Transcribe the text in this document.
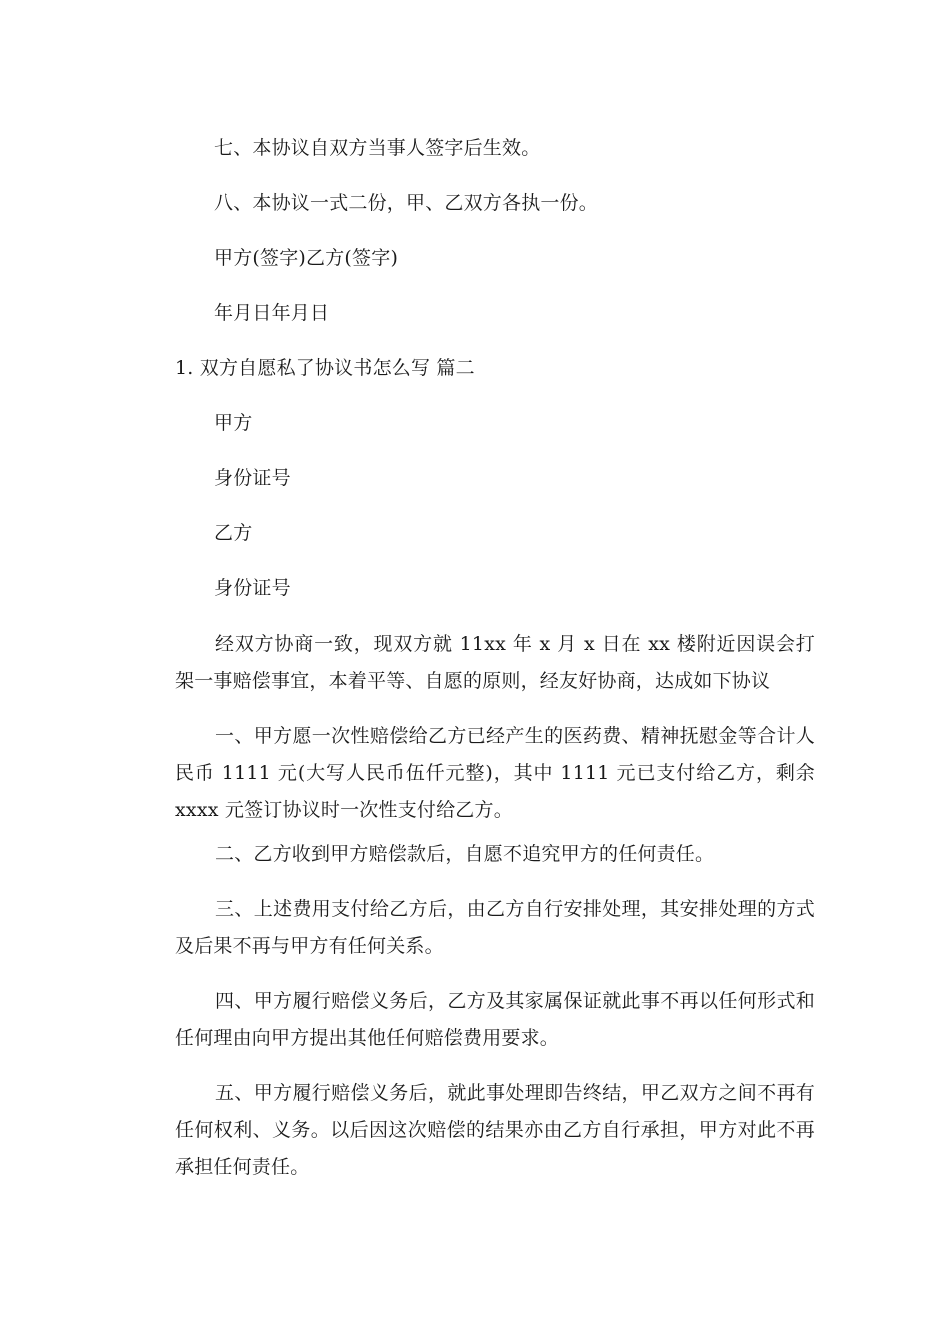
七、本协议自双方当事人签字后生效。
八、本协议一式二份，甲、乙双方各执一份。
甲方(签字)乙方(签字)
年月日年月日
1. 双方自愿私了协议书怎么写 篇二
甲方
身份证号
乙方
身份证号
经双方协商一致，现双方就 11xx 年 x 月 x 日在 xx 楼附近因误会打架一事赔偿事宜，本着平等、自愿的原则，经友好协商，达成如下协议
一、甲方愿一次性赔偿给乙方已经产生的医药费、精神抚慰金等合计人民币 1111 元(大写人民币伍仟元整)，其中 1111 元已支付给乙方，剩余 xxxx 元签订协议时一次性支付给乙方。
二、乙方收到甲方赔偿款后，自愿不追究甲方的任何责任。
三、上述费用支付给乙方后，由乙方自行安排处理，其安排处理的方式及后果不再与甲方有任何关系。
四、甲方履行赔偿义务后，乙方及其家属保证就此事不再以任何形式和任何理由向甲方提出其他任何赔偿费用要求。
五、甲方履行赔偿义务后，就此事处理即告终结，甲乙双方之间不再有任何权利、义务。以后因这次赔偿的结果亦由乙方自行承担，甲方对此不再承担任何责任。
